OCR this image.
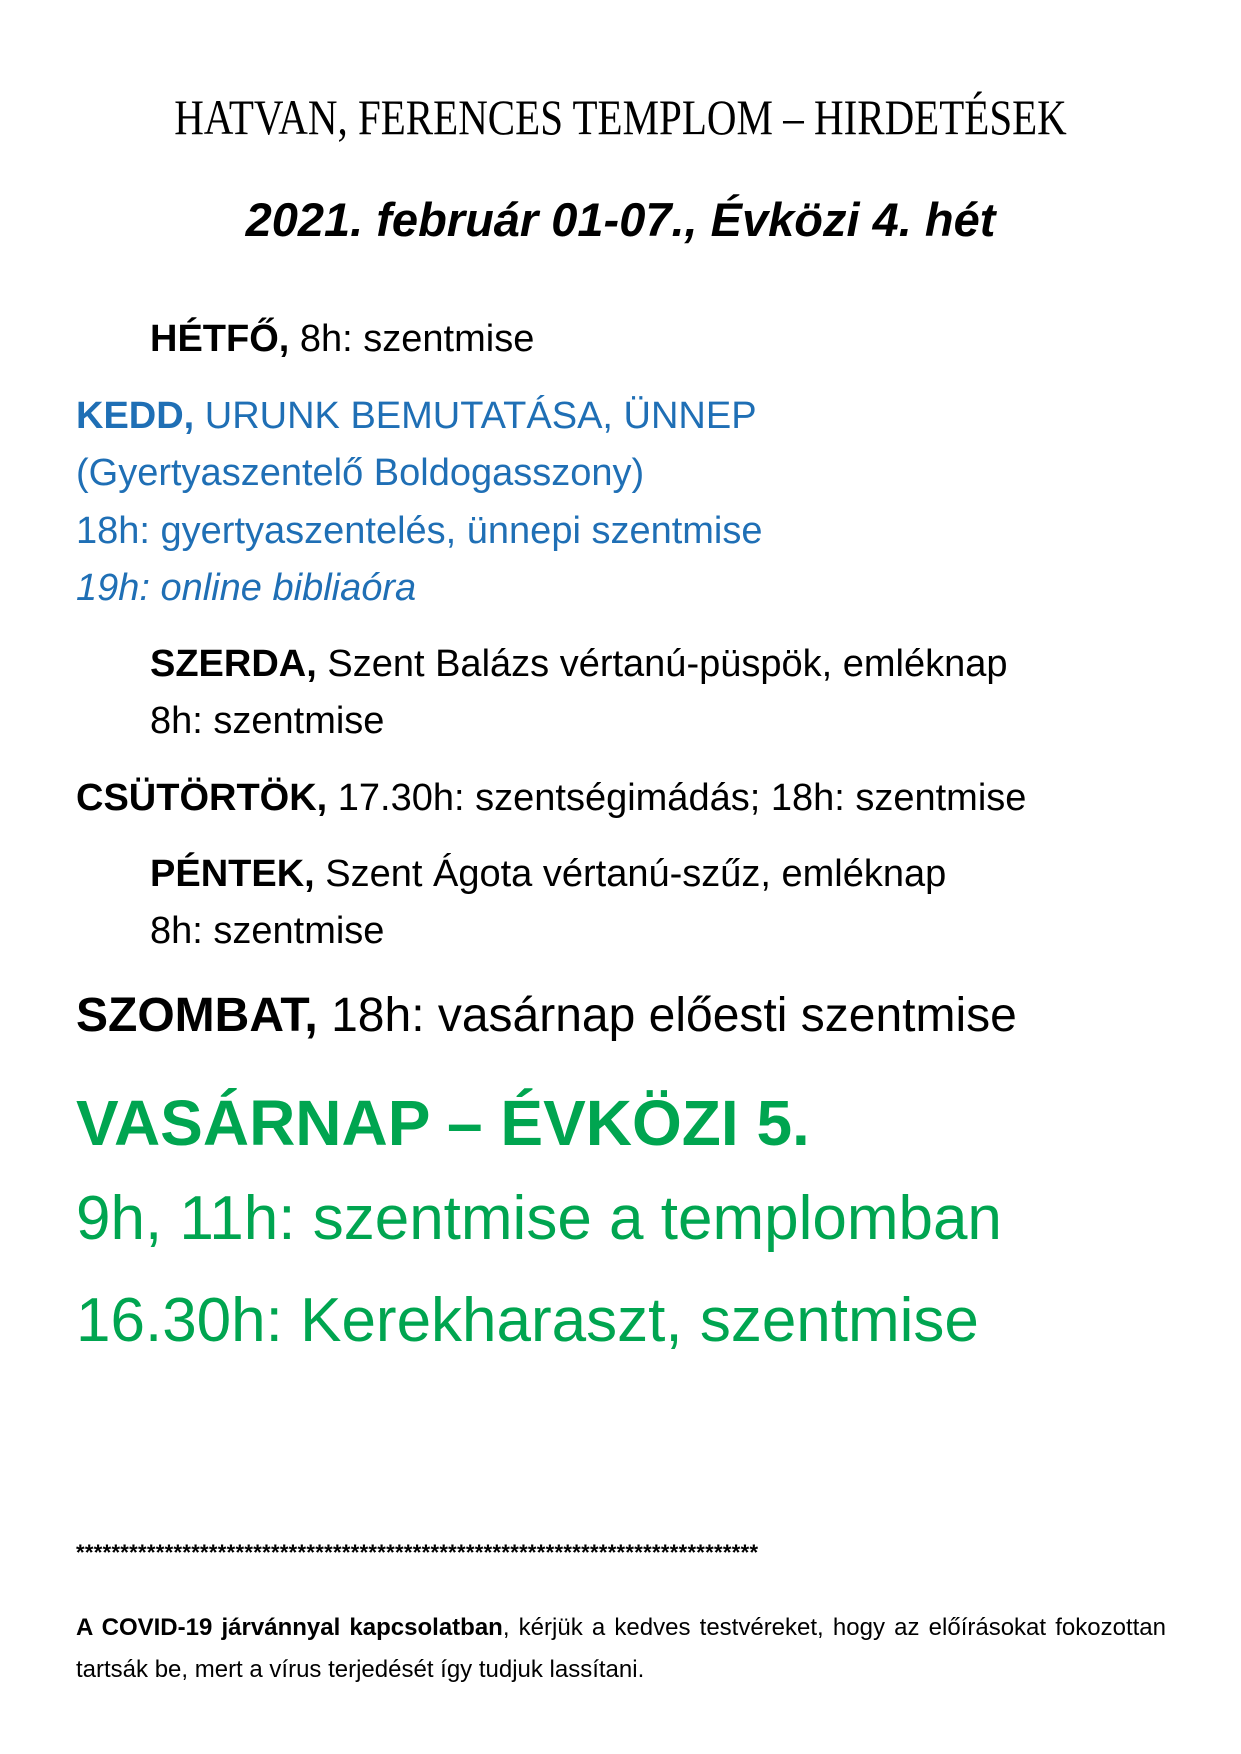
HATVAN, FERENCES TEMPLOM – HIRDETÉSEK
2021. február 01-07., Évközi 4. hét
HÉTFŐ, 8h: szentmise
KEDD, URUNK BEMUTATÁSA, ÜNNEP
(Gyertyaszentelő Boldogasszony)
18h: gyertyaszentelés, ünnepi szentmise
19h: online bibliaóra
SZERDA, Szent Balázs vértanú-püspök, emléknap
8h: szentmise
CSÜTÖRTÖK, 17.30h: szentségimádás; 18h: szentmise
PÉNTEK, Szent Ágota vértanú-szűz, emléknap
8h: szentmise
SZOMBAT, 18h: vasárnap előesti szentmise
VASÁRNAP – ÉVKÖZI 5.
9h, 11h: szentmise a templomban
16.30h: Kerekharaszt, szentmise
*****************************************************************************
A COVID-19 járvánnyal kapcsolatban, kérjük a kedves testvéreket, hogy az előírásokat fokozottan tartsák be, mert a vírus terjedését így tudjuk lassítani.
